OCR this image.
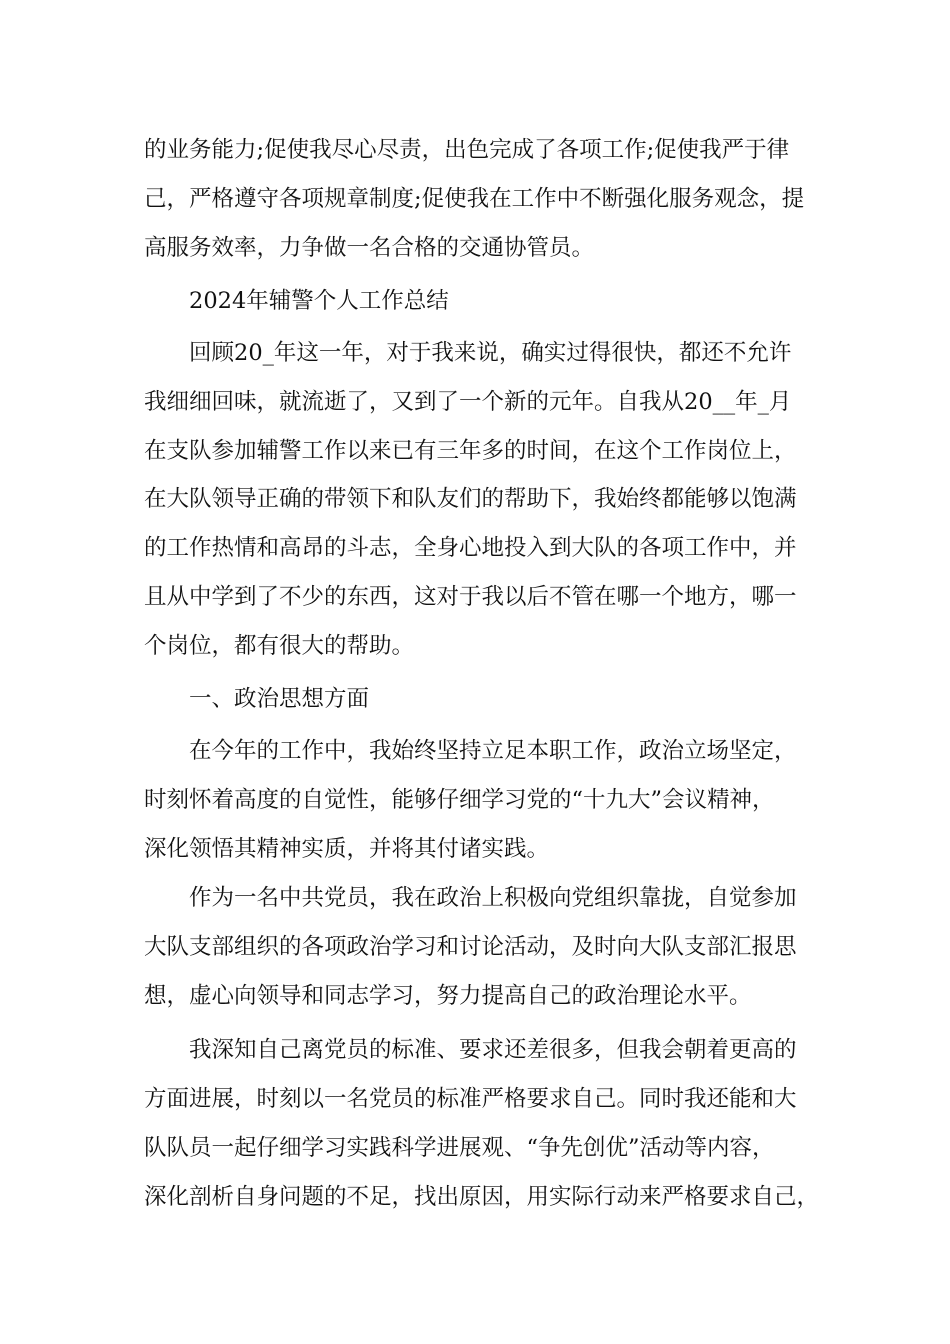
的业务能力;促使我尽心尽责，出色完成了各项工作;促使我严于律
己，严格遵守各项规章制度;促使我在工作中不断强化服务观念，提
高服务效率，力争做一名合格的交通协管员。
2024年辅警个人工作总结
回顾20_年这一年，对于我来说，确实过得很快，都还不允许
我细细回味，就流逝了，又到了一个新的元年。自我从20__年_月
在支队参加辅警工作以来已有三年多的时间，在这个工作岗位上，
在大队领导正确的带领下和队友们的帮助下，我始终都能够以饱满
的工作热情和高昂的斗志，全身心地投入到大队的各项工作中，并
且从中学到了不少的东西，这对于我以后不管在哪一个地方，哪一
个岗位，都有很大的帮助。
一、政治思想方面
在今年的工作中，我始终坚持立足本职工作，政治立场坚定，
时刻怀着高度的自觉性，能够仔细学习党的“十九大”会议精神，
深化领悟其精神实质，并将其付诸实践。
作为一名中共党员，我在政治上积极向党组织靠拢，自觉参加
大队支部组织的各项政治学习和讨论活动，及时向大队支部汇报思
想，虚心向领导和同志学习，努力提高自己的政治理论水平。
我深知自己离党员的标准、要求还差很多，但我会朝着更高的
方面进展，时刻以一名党员的标准严格要求自己。同时我还能和大
队队员一起仔细学习实践科学进展观、“争先创优”活动等内容，
深化剖析自身问题的不足，找出原因，用实际行动来严格要求自己，
